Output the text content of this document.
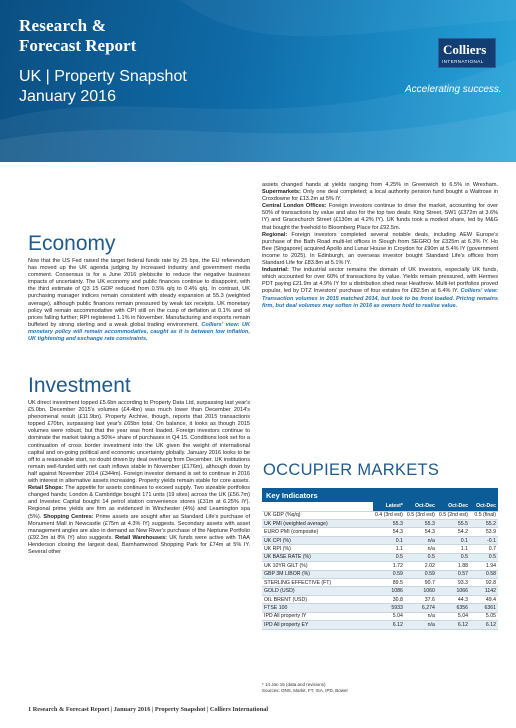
Research &
Forecast Report
UK | Property Snapshot
January 2016
Colliers
INTERNATIONAL
Accelerating success.
Economy
Now that the US Fed raised the target federal funds rate by 25 bps, the EU referendum has moved up the UK agenda judging by increased industry and government media comment. Consensus is for a June 2016 plebiscite to reduce the negative business impacts of uncertainty. The UK economy and public finances continue to disappoint, with the third estimate of Q3 15 GDP reduced from 0.5% q/q to 0.4% q/q. In contrast, UK purchasing manager indices remain consistent with steady expansion at 55.3 (weighted average), although public finances remain pressured by weak tax receipts. UK monetary policy will remain accommodative with CPI still on the cusp of deflation at 0.1% and oil prices falling further; RPI registered 1.1% in November. Manufacturing and exports remain buffeted by strong sterling and a weak global trading environment. Colliers' view: UK monetary policy will remain accommodative, caught as it is between low inflation, UK tightening and exchange rate constraints.
Investment
UK direct investment topped £5.6bn according to Property Data Ltd, surpassing last year's £5.0bn. December 2015's volumes (£4.4bn) was much lower than December 2014's phenomenal result (£11.9bn). Property Archive, though, reports that 2015 transactions topped £70bn, surpassing last year's £65bn total. On balance, it looks as though 2015 volumes were robust, but that the year was front loaded. Foreign investors continue to dominate the market taking a 50%+ share of purchases in Q4 15. Conditions look set for a continuation of cross border investment into the UK given the weight of international capital and on-going political and economic uncertainty globally. January 2016 looks to be off to a reasonable start, no doubt driven by deal overhang from December. UK institutions remain well-funded with net cash inflows stable in November (£176m), although down by half against November 2014 (£344m). Foreign investor demand is set to continue in 2016 with interest in alternative assets increasing. Property yields remain stable for core assets. Retail Shops: The appetite for assets continues to exceed supply. Two sizeable portfolios changed hands; London & Cambridge bought 171 units (19 sites) across the UK (£56.7m) and Investec Capital bought 14 petrol station convenience stores (£31m at 6.25% IY). Regional prime yields are firm as evidenced in Winchester (4%) and Leamington spa (5%). Shopping Centres: Prime assets are sought after as Standard Life's purchase of Monument Mall in Newcastle (£75m at 4.3% IY) suggests. Secondary assets with asset management angles are also in demand as New River's purchase of the Neptune Portfolio (£92.3m at 8% IY) also suggests. Retail Warehouses: UK funds were active with TIAA Henderson closing the largest deal, Barnhamwood Shopping Park for £74m at 5% IY. Several other
assets changed hands at yields ranging from 4.25% in Greenwich to 6.5% in Wrexham. Supermarkets: Only one deal completed; a local authority pension fund bought a Waitrose in Croxdowne for £13.2m at 5% IY.
Central London Offices: Foreign investors continue to drive the market, accounting for over 50% of transactions by value and also for the top two deals: King Street, SW1 (£372m at 3.6% IY) and Gracechurch Street (£130m at 4.2% IY). UK funds took a modest share, led by M&G that bought the freehold to Bloomberg Place for £92.5m.
Regional: Foreign investors completed several notable deals, including AEW Europe's purchase of the Bath Road multi-let offices in Slough from SEGRO for £325m at 6.3% IY. Ho Bee (Singapore) acquired Apollo and Lunar House in Croydon for £90m at 5.4% IY (government income to 2025). In Edinburgh, an overseas investor bought Standard Life's offices from Standard Life for £83.8m at 5.1% IY.
Industrial: The industrial sector remains the domain of UK investors, especially UK funds, which accounted for over 60% of transactions by value. Yields remain pressured, with Hermes PDT paying £21.9m at 4.9% IY for a distribution shed near Heathrow. Multi-let portfolios proved popular, led by DTZ Investors' purchase of four estates for £82.5m at 6.4% IY. Colliers' view: Transaction volumes in 2015 matched 2014, but look to be front loaded. Pricing remains firm, but deal volumes may soften in 2016 as owners hold to realise value.
OCCUPIER MARKETS
Key Indicators
	Latest*	Oct-Dec	Oct-Dec	Oct-Dec
UK GDP (%q/q)	0.4 (3rd est)	0.5 (3rd est)	0.5 (2nd est)	0.5 (final)
UK PMI (weighted average)	55.3	55.3	55.5	55.2
EURO PMI (composite)	54.3	54.3	54.2	53.9
UK CPI (%)	0.1	n/a	0.1	-0.1
UK RPI (%)	1.1	n/a	1.1	0.7
UK BASE RATE (%)	0.5	0.5	0.5	0.5
UK 10YR GILT (%)	1.72	2.02	1.88	1.94
GBP 3M LIBOR (%)	0.59	0.59	0.57	0.58
STERLING EFFECTIVE (FT)	89.5	90.7	93.3	92.8
GOLD (USD)	1086	1060	1066	1142
OIL BRENT (USD)	30.8	37.6	44.3	49.4
FTSE 100	5933	6,274	6356	6361
IPD All property IY	5.04	n/a	5.04	5.05
IPD All property EY	6.12	n/a	6.12	6.12
* 14 Jan 16 (data and revisions)
Sources: ONS, Markit, FT, ISA, IPD, Bower
1 Research & Forecast Report | January 2016 | Property Snapshot | Colliers International
